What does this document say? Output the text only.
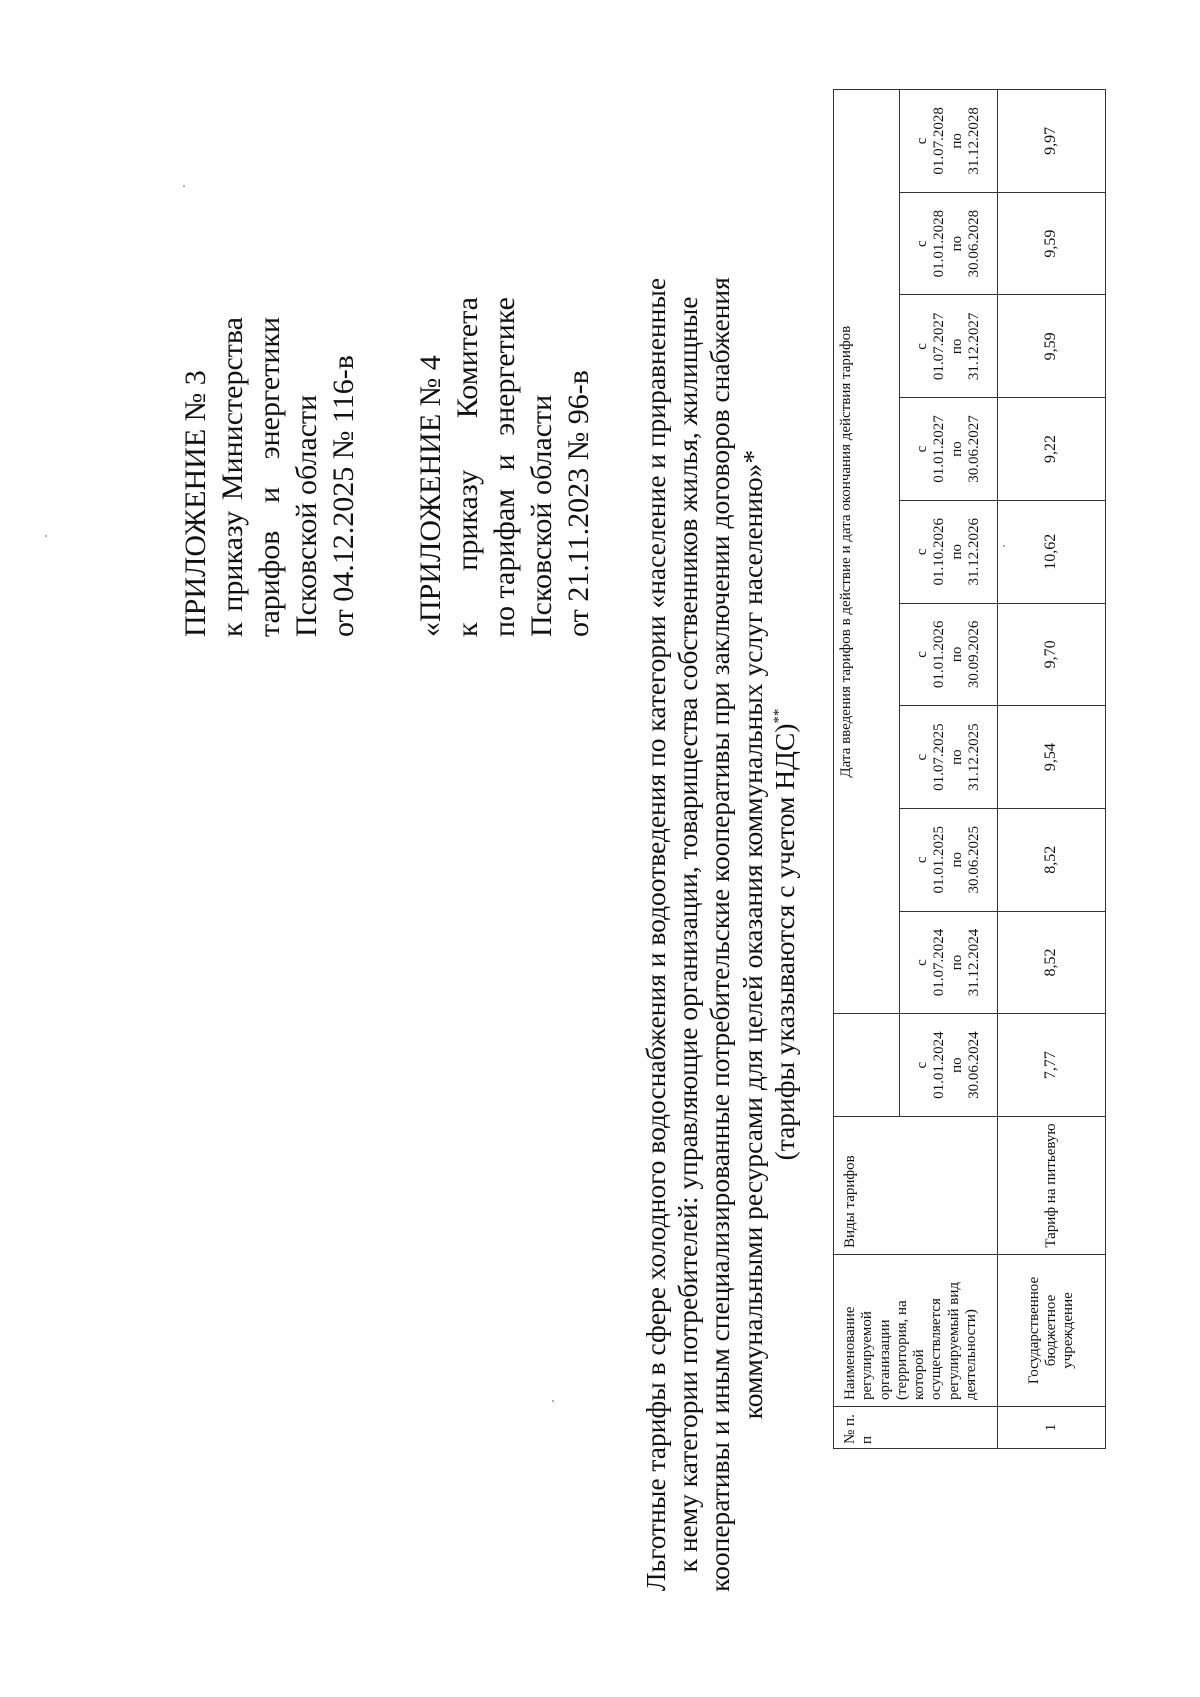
ПРИЛОЖЕНИЕ № 3 к
приказу
Министерства
тарифов
и
энергетики
Псковской области от 04.12.2025 № 116-в «ПРИЛОЖЕНИЕ № 4 к
приказу
Комитета
по тарифам
и
энергетике
Псковской области от 21.11.2023 № 96-в Льготные тарифы в сфере холодного водоснабжения и водоотведения по категории «население и приравненные к нему категории потребителей: управляющие организации, товарищества собственников жилья, жилищные кооперативы и иным специализированные потребительские кооперативы при заключении договоров снабжения коммунальными ресурсами для целей оказания коммунальных услуг населению»* (тарифы указываются с учетом НДС)**
№ п. п	Наименование регулируемой организации (территория, на которой осуществляется регулируемый вид деятельности)	Виды тарифов		Дата введения тарифов в действие и дата окончания действия тарифов								

			с 01.01.2024 по 30.06.2024	с 01.07.2024 по 31.12.2024	с 01.01.2025 по 30.06.2025	с 01.07.2025 по 31.12.2025	с 01.01.2026 по 30.09.2026	с 01.10.2026 по 31.12.2026	с 01.01.2027 по 30.06.2027	с 01.07.2027 по 31.12.2027	с 01.01.2028 по 30.06.2028	с 01.07.2028 по 31.12.2028

1	Государственное бюджетное учреждение	Тариф на питьевую	7,77	8,52	8,52	9,54	9,70	10,62	9,22	9,59	9,59	9,97
